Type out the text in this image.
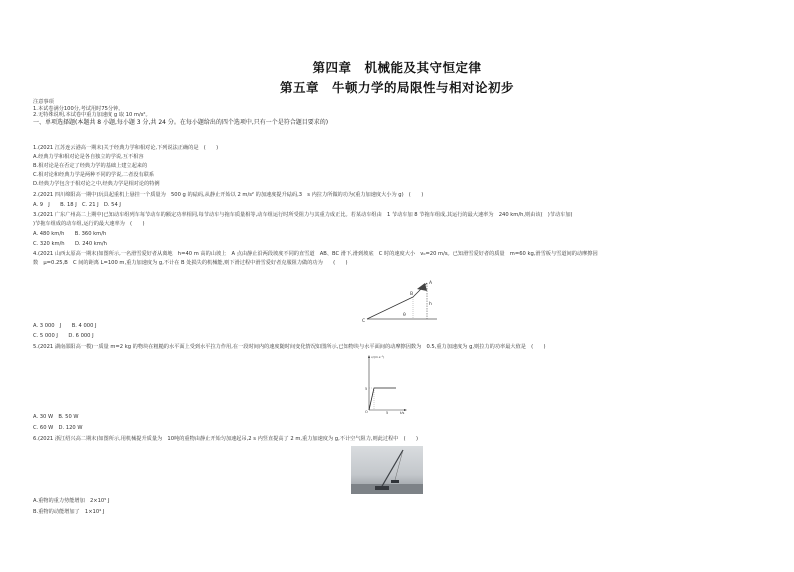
第四章　机械能及其守恒定律
第五章　牛顿力学的局限性与相对论初步
注意事项
1.本试卷满分100分,考试用时75分钟。
2.无特殊说明,本试卷中重力加速度 g 取 10 m/s²。
一、单项选择题(本题共 8 小题,每小题 3 分,共 24 分。在每小题给出的四个选项中,只有一个是符合题目要求的)
1.(2021 江苏连云港高一期末)关于经典力学和相对论,下列说法正确的是　(　　)
A.经典力学和相对论是各自独立的学说,互不相容
B.相对论是在否定了经典力学的基础上建立起来的
C.相对论和经典力学是两种不同的学说,二者没有联系
D.经典力学包含于相对论之中,经典力学是相对论的特例
2.(2021 四川绵阳高一期中)玩具起重机上悬挂一个质量为　500 g 的砝码,从静止开始以 2 m/s² 的加速度提升砝码,3　s 内拉力所做的功为(重力加速度大小为 g)　(　　)
A. 9　J　　B. 18 J　C. 21 J　D. 54 J
3.(2021 广东广州高二上期中)已知动车组列车每节动车的额定功率相同,每节动车与拖车质量相等,动车组运行时所受阻力与其重力成正比。若某动车组由　1 节动车加 8 节拖车组成,其运行的最大速率为　240 km/h,则由该(　)节动车加(
)节拖车组成的动车组,运行的最大速率为　(　　)
A. 480 km/h　　B. 360 km/h
C. 320 km/h　　D. 240 km/h
4.(2021 山西太原高一期末)如图所示,一名滑雪爱好者从离地　h=40 m 高的山坡上　A 点由静止沿两段坡度不同的直雪道　AB、BC 滑下,滑到坡底　C 时的速度大小　v₀=20 m/s。已知滑雪爱好者的质量　m=60 kg,滑雪板与雪道间的动摩擦因
数　μ=0.25,B　C 间的距离 L=100 m,重力加速度为 g,不计在 B 处损失的机械能,则下滑过程中滑雪爱好者克服阻力做的功为　　(　　)
A
B
C
h
θ
A. 3 000　J　　B. 4 000 J
C. 5 000 J　　D. 6 000 J
5.(2021 湖南邵阳高一模)一质量 m=2 kg 的物块在粗糙的水平面上受到水平拉力作用,在一段时间内的速度随时间变化情况如图所示,已知物块与水平面间的动摩擦因数为　0.5,重力加速度为 g,则拉力的功率最大值是　(　　)
v/(m·s⁻¹)
5
O	5	t/s
A. 30 W　B. 50 W
C. 60 W　D. 120 W
6.(2021 浙江绍兴高二期末)如图所示,用机械提升质量为　10吨的重物由静止开始匀加速起吊,2 s 内竖直提高了 2 m,重力加速度为 g,不计空气阻力,则此过程中　(　　)
A.重物的重力势能增加　2×10⁵ J
B.重物的动能增加了　1×10⁴ J
